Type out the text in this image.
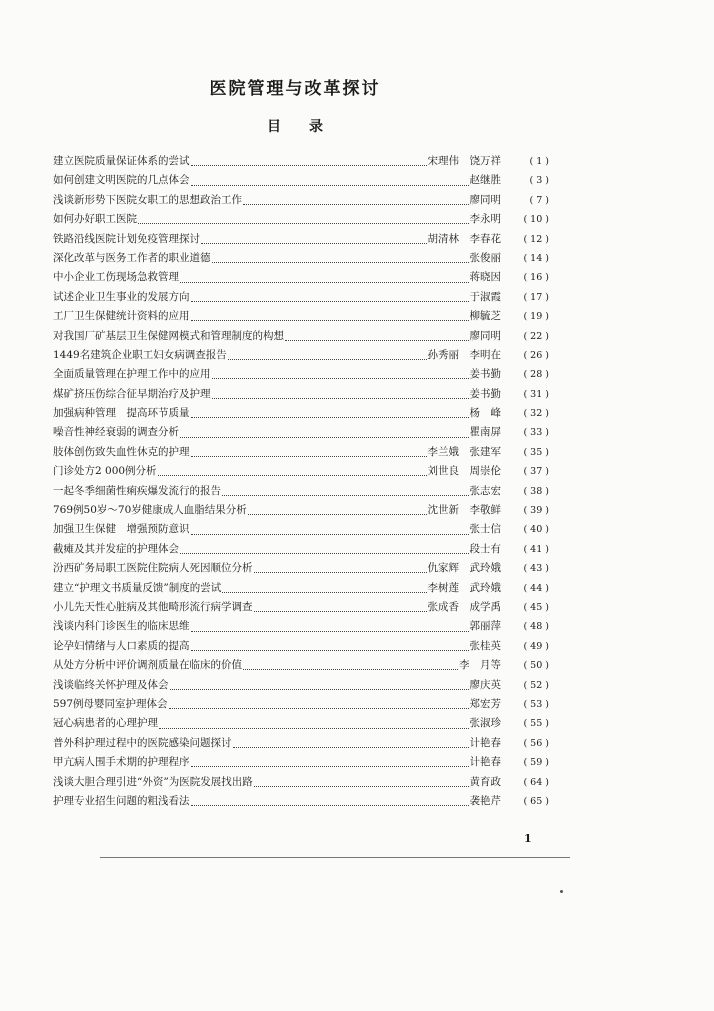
医院管理与改革探讨
目　　录
建立医院质量保证体系的尝试	宋理伟　饶万祥	( 1 )
如何创建文明医院的几点体会	赵继胜	( 3 )
浅谈新形势下医院女职工的思想政治工作	廖同明	( 7 )
如何办好职工医院	李永明	( 10 )
铁路沿线医院计划免疫管理探讨	胡清林　李春花	( 12 )
深化改革与医务工作者的职业道德	张俊丽	( 14 )
中小企业工伤现场急救管理	蒋晓因	( 16 )
试述企业卫生事业的发展方向	于淑霞	( 17 )
工厂卫生保健统计资料的应用	柳毓芝	( 19 )
对我国厂矿基层卫生保健网模式和管理制度的构想	廖同明	( 22 )
1449名建筑企业职工妇女病调查报告	孙秀丽　李明在	( 26 )
全面质量管理在护理工作中的应用	姜书勤	( 28 )
煤矿挤压伤综合征早期治疗及护理	姜书勤	( 31 )
加强病种管理　提高环节质量	杨　峰	( 32 )
噪音性神经衰弱的调查分析	瞿南屏	( 33 )
肢体创伤致失血性休克的护理	李兰娥　张建军	( 35 )
门诊处方2 000例分析	刘世良　周崇伦	( 37 )
一起冬季细菌性痢疾爆发流行的报告	张志宏	( 38 )
769例50岁～70岁健康成人血脂结果分析	沈世新　李敬鲜	( 39 )
加强卫生保健　增强预防意识	张士信	( 40 )
截瘫及其并发症的护理体会	段士有	( 41 )
汾西矿务局职工医院住院病人死因顺位分析	仇家辉　武玲娥	( 43 )
建立“护理文书质量反馈”制度的尝试	李树莲　武玲娥	( 44 )
小儿先天性心脏病及其他畸形流行病学调查	张成香　成学禹	( 45 )
浅谈内科门诊医生的临床思维	郭丽萍	( 48 )
论孕妇情绪与人口素质的提高	张桂英	( 49 )
从处方分析中评价调剂质量在临床的价值	李　月等	( 50 )
浅谈临终关怀护理及体会	廖庆英	( 52 )
597例母婴同室护理体会	郑宏芳	( 53 )
冠心病患者的心理护理	张淑珍	( 55 )
普外科护理过程中的医院感染问题探讨	计艳春	( 56 )
甲亢病人围手术期的护理程序	计艳春	( 59 )
浅谈大胆合理引进“外资”为医院发展找出路	黄育政	( 64 )
护理专业招生问题的粗浅看法	袭艳芹	( 65 )
1
